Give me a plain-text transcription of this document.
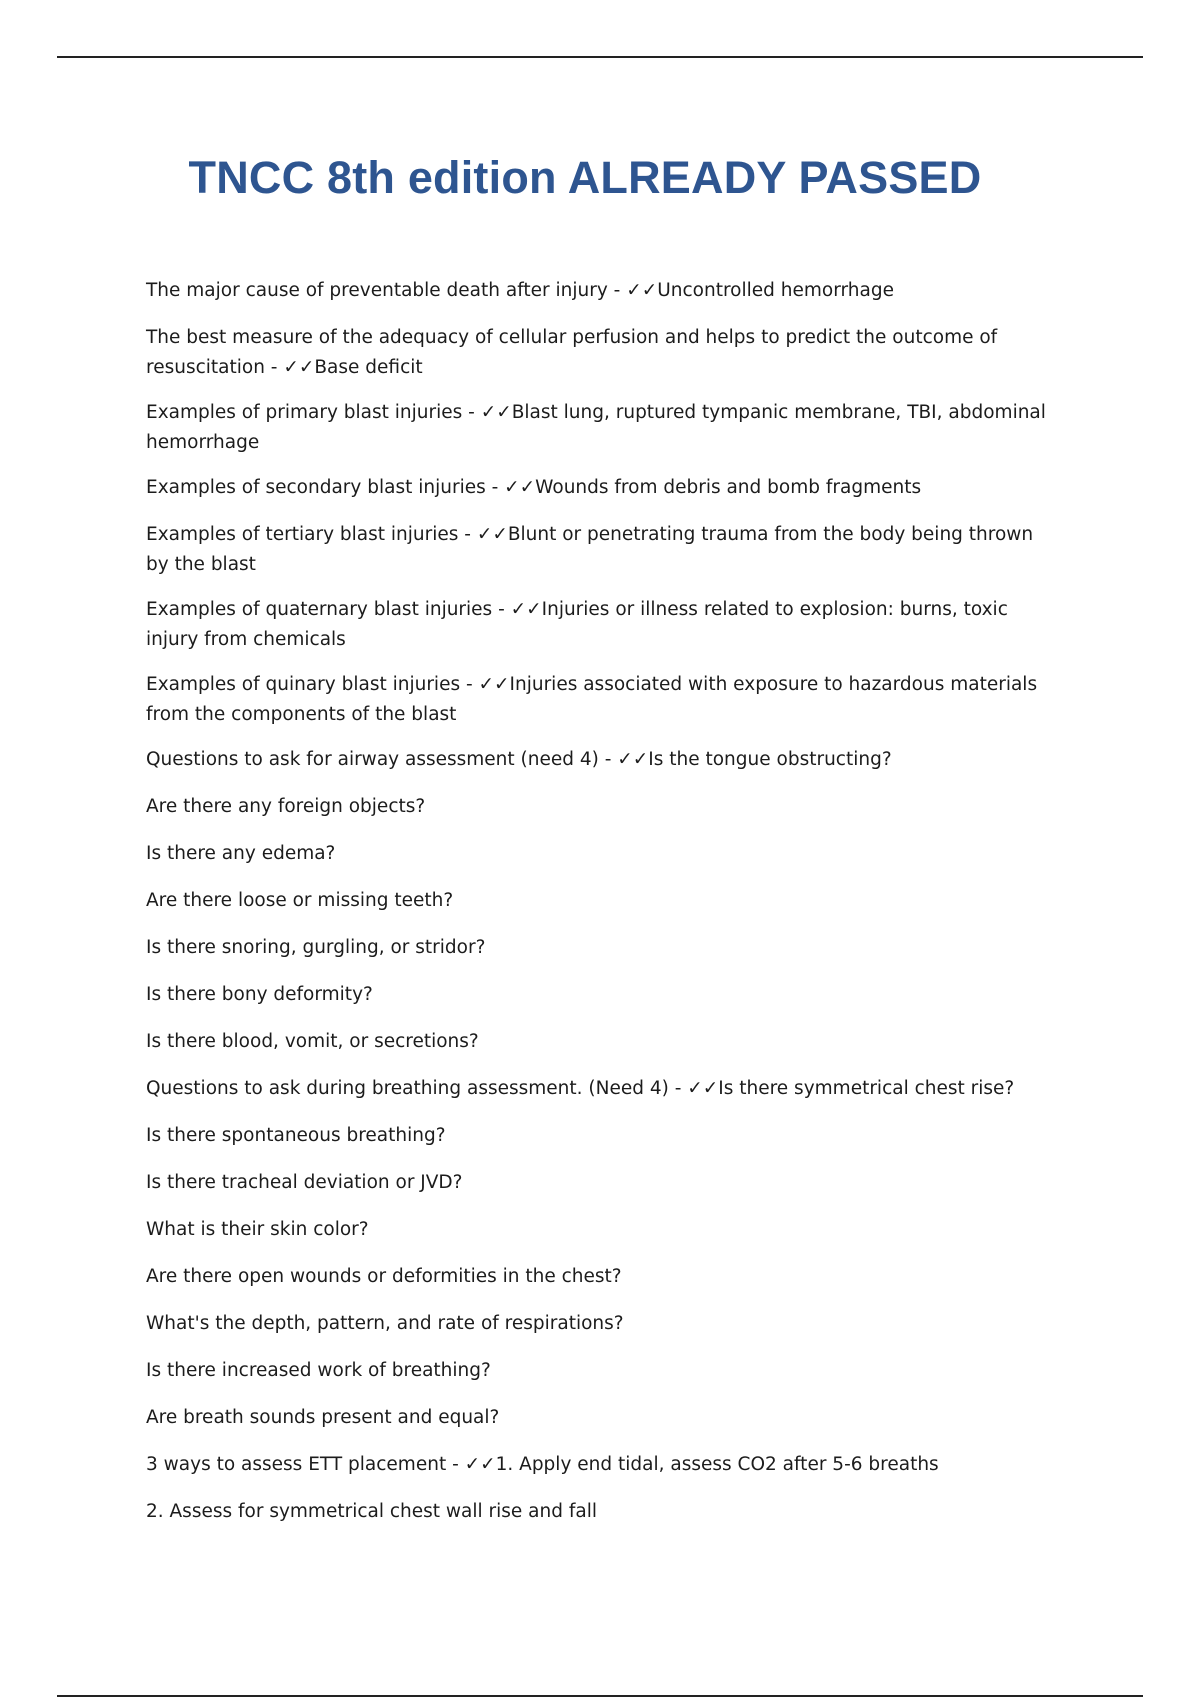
TNCC 8th edition ALREADY PASSED

The major cause of preventable death after injury - ✓✓Uncontrolled hemorrhage

The best measure of the adequacy of cellular perfusion and helps to predict the outcome of resuscitation - ✓✓Base deficit

Examples of primary blast injuries - ✓✓Blast lung, ruptured tympanic membrane, TBI, abdominal hemorrhage

Examples of secondary blast injuries - ✓✓Wounds from debris and bomb fragments

Examples of tertiary blast injuries - ✓✓Blunt or penetrating trauma from the body being thrown by the blast

Examples of quaternary blast injuries - ✓✓Injuries or illness related to explosion: burns, toxic injury from chemicals

Examples of quinary blast injuries - ✓✓Injuries associated with exposure to hazardous materials from the components of the blast

Questions to ask for airway assessment (need 4) - ✓✓Is the tongue obstructing?

Are there any foreign objects?

Is there any edema?

Are there loose or missing teeth?

Is there snoring, gurgling, or stridor?

Is there bony deformity?

Is there blood, vomit, or secretions?

Questions to ask during breathing assessment. (Need 4) - ✓✓Is there symmetrical chest rise?

Is there spontaneous breathing?

Is there tracheal deviation or JVD?

What is their skin color?

Are there open wounds or deformities in the chest?

What's the depth, pattern, and rate of respirations?

Is there increased work of breathing?

Are breath sounds present and equal?

3 ways to assess ETT placement - ✓✓1. Apply end tidal, assess CO2 after 5-6 breaths

2. Assess for symmetrical chest wall rise and fall
